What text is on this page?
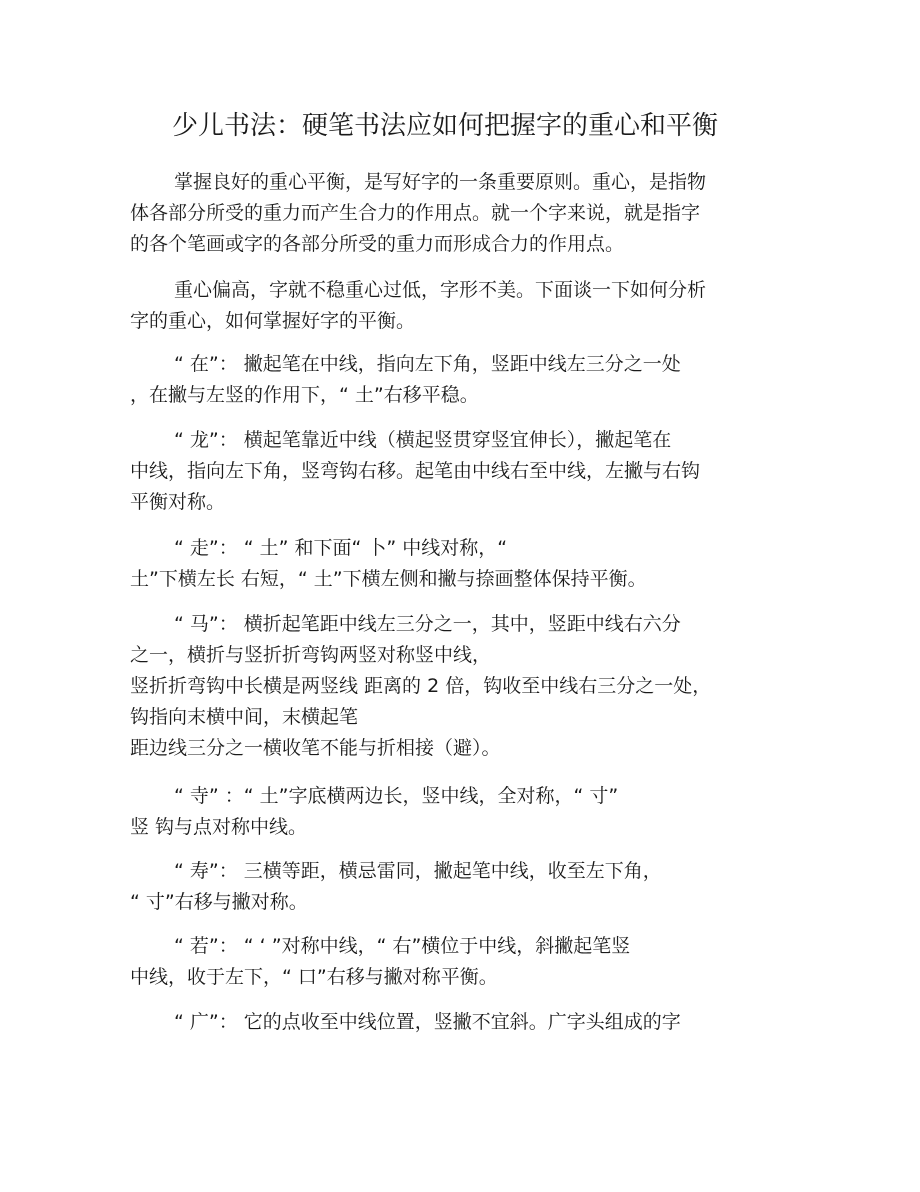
少儿书法：硬笔书法应如何把握字的重心和平衡

掌握良好的重心平衡，是写好字的一条重要原则。重心，是指物
体各部分所受的重力而产生合力的作用点。就一个字来说，就是指字
的各个笔画或字的各部分所受的重力而形成合力的作用点。

重心偏高，字就不稳重心过低，字形不美。下面谈一下如何分析
字的重心，如何掌握好字的平衡。

“ 在”： 撇起笔在中线，指向左下角，竖距中线左三分之一处
，在撇与左竖的作用下，“ 土”右移平稳。

“ 龙”： 横起笔靠近中线（横起竖贯穿竖宜伸长），撇起笔在
中线，指向左下角，竖弯钩右移。起笔由中线右至中线，左撇与右钩
平衡对称。

“ 走”： “ 土” 和下面“ 卜” 中线对称，“
土”下横左长 右短，“ 土”下横左侧和撇与捺画整体保持平衡。

“ 马”： 横折起笔距中线左三分之一，其中，竖距中线右六分
之一，横折与竖折折弯钩两竖对称竖中线，
竖折折弯钩中长横是两竖线 距离的 2 倍，钩收至中线右三分之一处，
钩指向末横中间，末横起笔
距边线三分之一横收笔不能与折相接（避）。

“ 寺” ：“ 土”字底横两边长，竖中线，全对称，“ 寸”
竖 钩与点对称中线。

“ 寿”： 三横等距，横忌雷同，撇起笔中线，收至左下角，
“ 寸”右移与撇对称。

“ 若”： “ ‘ ”对称中线，“ 右”横位于中线，斜撇起笔竖
中线，收于左下，“ 口”右移与撇对称平衡。

“ 广”： 它的点收至中线位置，竖撇不宜斜。广字头组成的字
